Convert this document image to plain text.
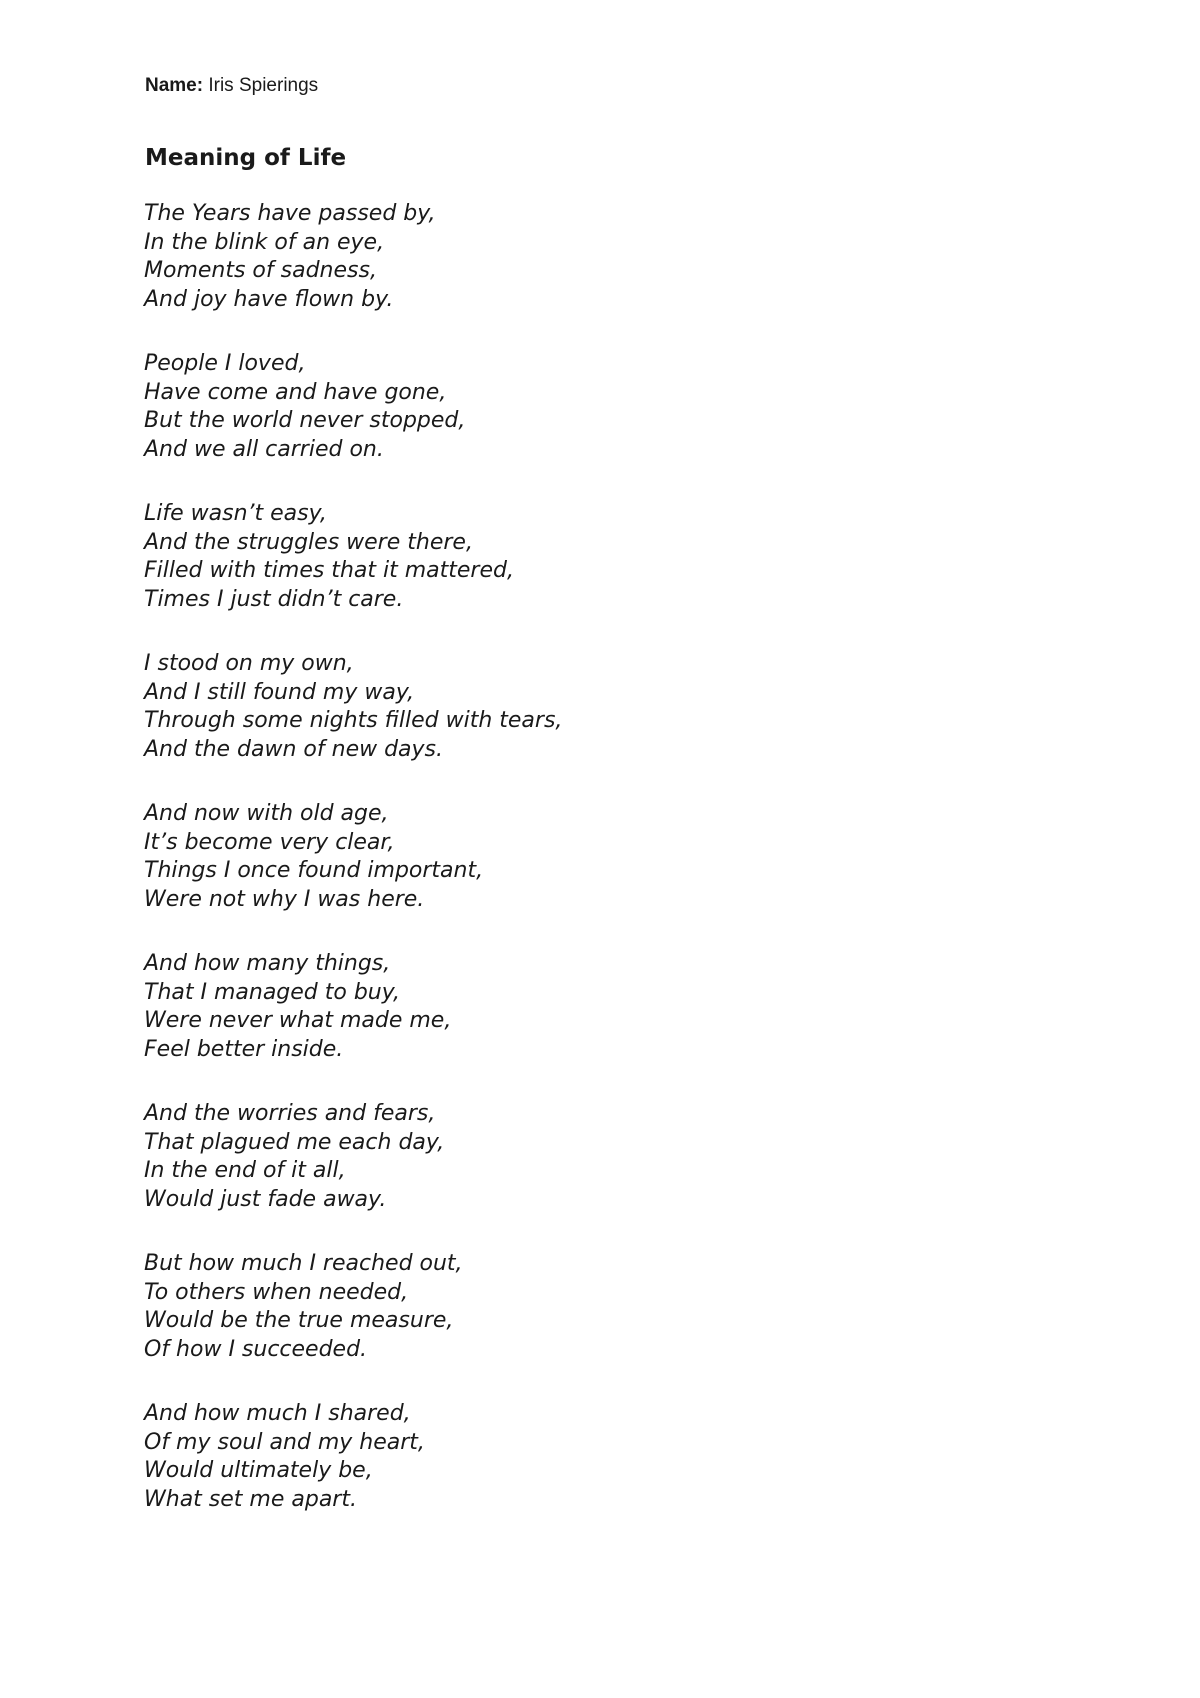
Name: Iris Spierings
Meaning of Life

The Years have passed by,
In the blink of an eye,
Moments of sadness,
And joy have flown by.

People I loved,
Have come and have gone,
But the world never stopped,
And we all carried on.

Life wasn’t easy,
And the struggles were there,
Filled with times that it mattered,
Times I just didn’t care.

I stood on my own,
And I still found my way,
Through some nights filled with tears,
And the dawn of new days.

And now with old age,
It’s become very clear,
Things I once found important,
Were not why I was here.

And how many things,
That I managed to buy,
Were never what made me,
Feel better inside.

And the worries and fears,
That plagued me each day,
In the end of it all,
Would just fade away.

But how much I reached out,
To others when needed,
Would be the true measure,
Of how I succeeded.

And how much I shared,
Of my soul and my heart,
Would ultimately be,
What set me apart.
